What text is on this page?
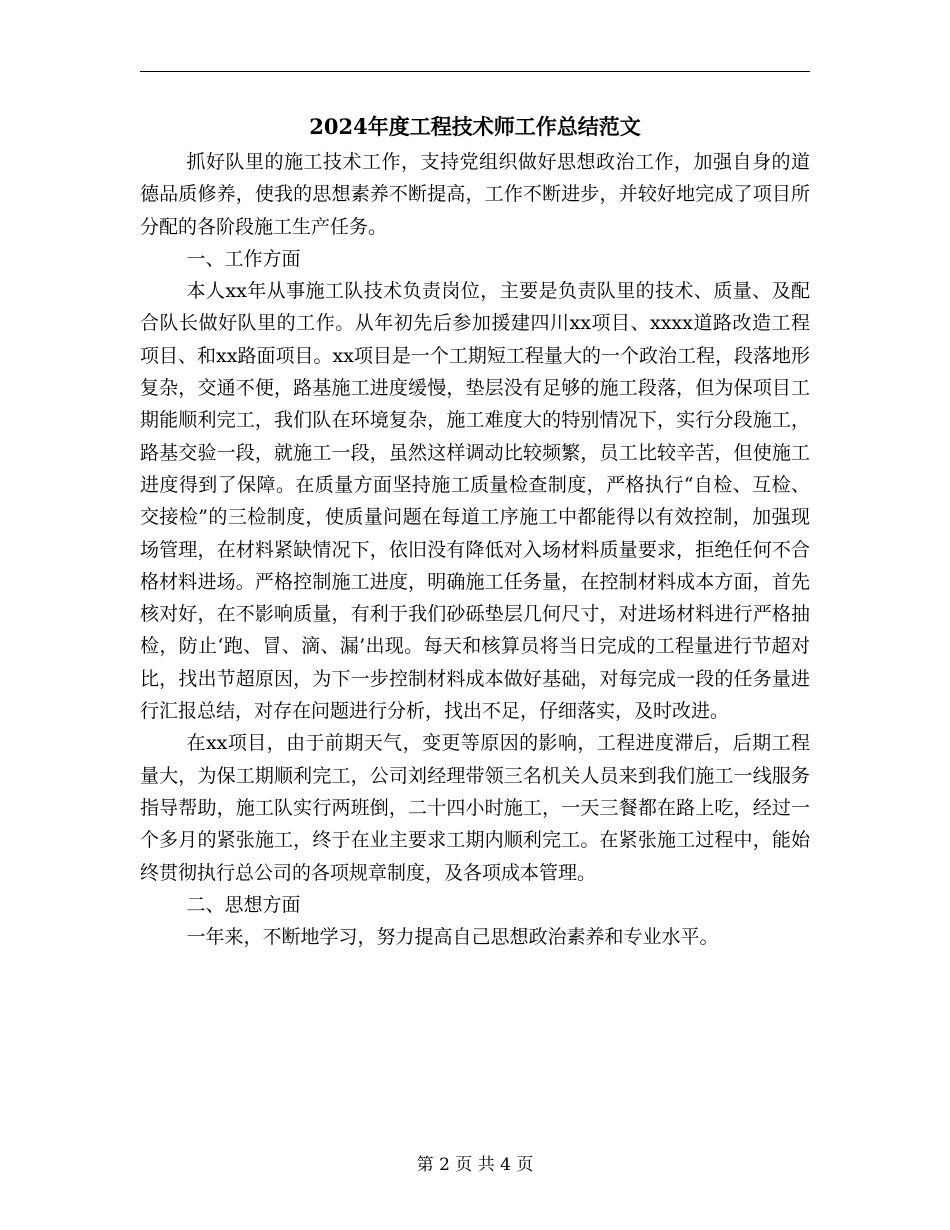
2024年度工程技术师工作总结范文

抓好队里的施工技术工作，支持党组织做好思想政治工作，加强自身的道德品质修养，使我的思想素养不断提高，工作不断进步，并较好地完成了项目所分配的各阶段施工生产任务。

一、工作方面

本人xx年从事施工队技术负责岗位，主要是负责队里的技术、质量、及配合队长做好队里的工作。从年初先后参加援建四川xx项目、xxxx道路改造工程项目、和xx路面项目。xx项目是一个工期短工程量大的一个政治工程，段落地形复杂，交通不便，路基施工进度缓慢，垫层没有足够的施工段落，但为保项目工期能顺利完工，我们队在环境复杂，施工难度大的特别情况下，实行分段施工，路基交验一段，就施工一段，虽然这样调动比较频繁，员工比较辛苦，但使施工进度得到了保障。在质量方面坚持施工质量检查制度，严格执行“自检、互检、交接检”的三检制度，使质量问题在每道工序施工中都能得以有效控制，加强现场管理，在材料紧缺情况下，依旧没有降低对入场材料质量要求，拒绝任何不合格材料进场。严格控制施工进度，明确施工任务量，在控制材料成本方面，首先核对好，在不影响质量，有利于我们砂砾垫层几何尺寸，对进场材料进行严格抽检，防止‘跑、冒、滴、漏’出现。每天和核算员将当日完成的工程量进行节超对比，找出节超原因，为下一步控制材料成本做好基础，对每完成一段的任务量进行汇报总结，对存在问题进行分析，找出不足，仔细落实，及时改进。

在xx项目，由于前期天气，变更等原因的影响，工程进度滞后，后期工程量大，为保工期顺利完工，公司刘经理带领三名机关人员来到我们施工一线服务指导帮助，施工队实行两班倒，二十四小时施工，一天三餐都在路上吃，经过一个多月的紧张施工，终于在业主要求工期内顺利完工。在紧张施工过程中，能始终贯彻执行总公司的各项规章制度，及各项成本管理。

二、思想方面

一年来，不断地学习，努力提高自己思想政治素养和专业水平。

第 2 页 共 4 页
